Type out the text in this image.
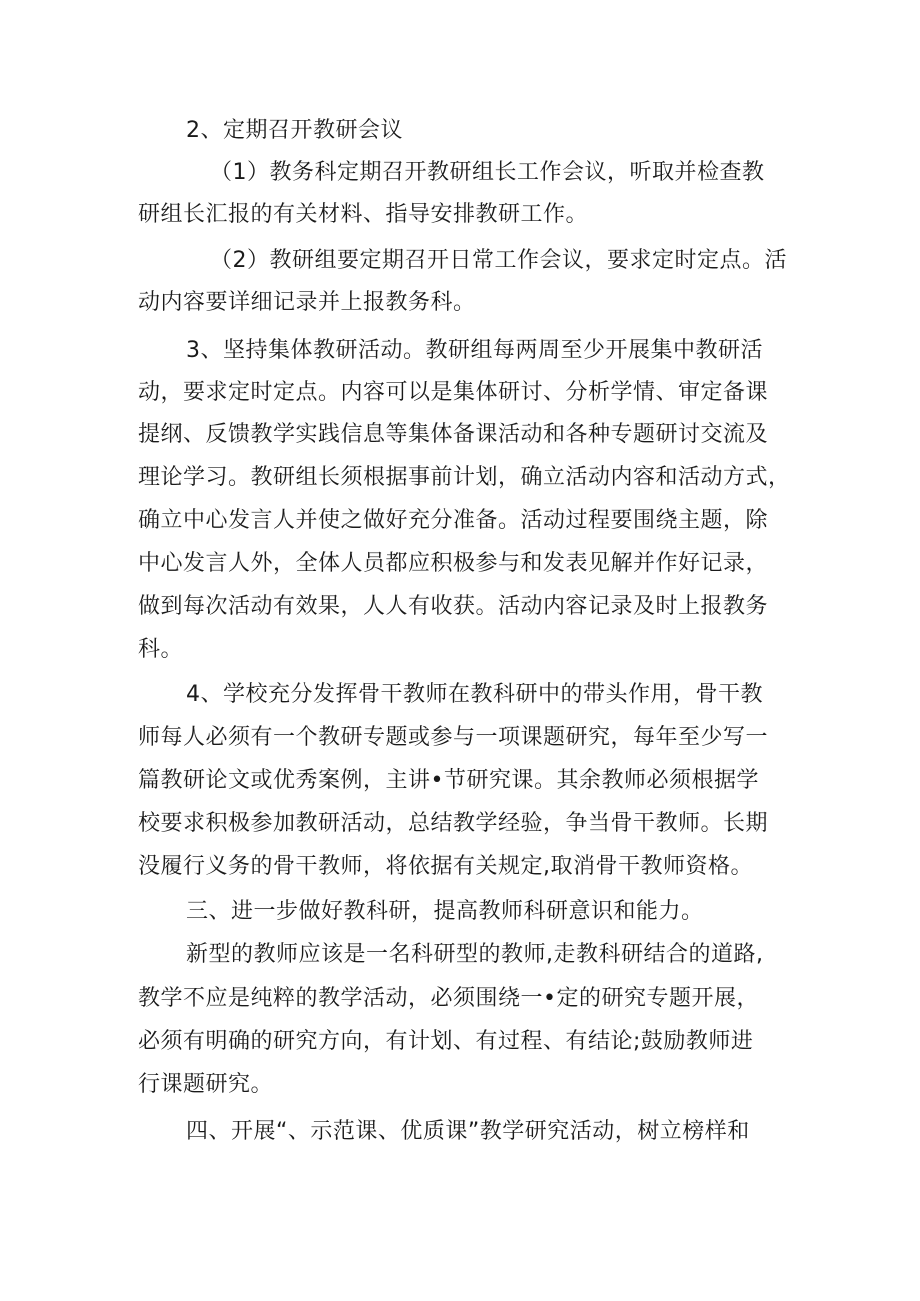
2、定期召开教研会议
（1）教务科定期召开教研组长工作会议，听取并检查教
研组长汇报的有关材料、指导安排教研工作。
（2）教研组要定期召开日常工作会议，要求定时定点。活
动内容要详细记录并上报教务科。
3、坚持集体教研活动。教研组每两周至少开展集中教研活
动，要求定时定点。内容可以是集体研讨、分析学情、审定备课
提纲、反馈教学实践信息等集体备课活动和各种专题研讨交流及
理论学习。教研组长须根据事前计划，确立活动内容和活动方式，
确立中心发言人并使之做好充分准备。活动过程要围绕主题，除
中心发言人外，全体人员都应积极参与和发表见解并作好记录，
做到每次活动有效果，人人有收获。活动内容记录及时上报教务
科。
4、学校充分发挥骨干教师在教科研中的带头作用，骨干教
师每人必须有一个教研专题或参与一项课题研究，每年至少写一
篇教研论文或优秀案例，主讲•节研究课。其余教师必须根据学
校要求积极参加教研活动，总结教学经验，争当骨干教师。长期
没履行义务的骨干教师，将依据有关规定,取消骨干教师资格。
三、进一步做好教科研，提高教师科研意识和能力。
新型的教师应该是一名科研型的教师,走教科研结合的道路,
教学不应是纯粹的教学活动，必须围绕一•定的研究专题开展，
必须有明确的研究方向，有计划、有过程、有结论;鼓励教师进
行课题研究。
四、开展“、示范课、优质课”教学研究活动，树立榜样和
